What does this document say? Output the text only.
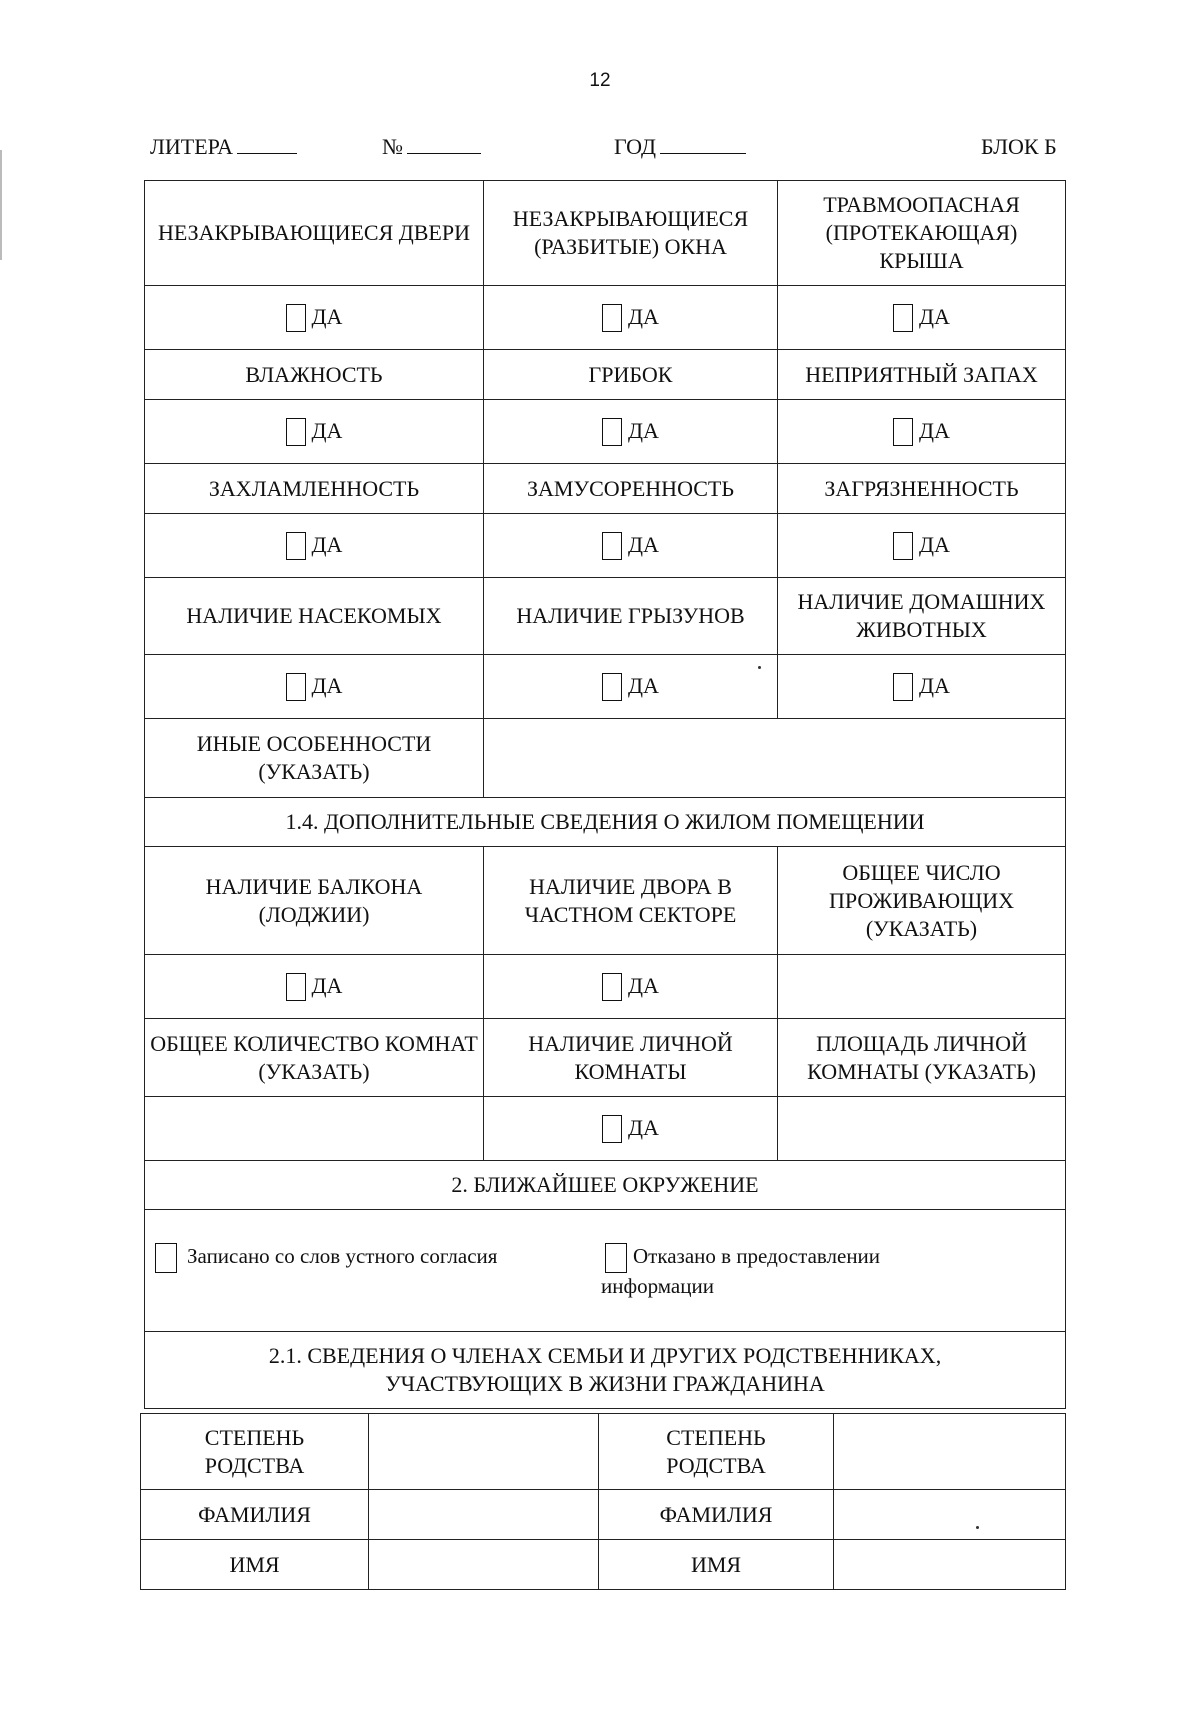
12
ЛИТЕРА	№	ГОД	БЛОК Б
НЕЗАКРЫВАЮЩИЕСЯ ДВЕРИ	НЕЗАКРЫВАЮЩИЕСЯ (РАЗБИТЫЕ) ОКНА	ТРАВМООПАСНАЯ (ПРОТЕКАЮЩАЯ) КРЫША
ДА	ДА	ДА
ВЛАЖНОСТЬ	ГРИБОК	НЕПРИЯТНЫЙ ЗАПАХ
ДА	ДА	ДА
ЗАХЛАМЛЕННОСТЬ	ЗАМУСОРЕННОСТЬ	ЗАГРЯЗНЕННОСТЬ
ДА	ДА	ДА
НАЛИЧИЕ НАСЕКОМЫХ	НАЛИЧИЕ ГРЫЗУНОВ	НАЛИЧИЕ ДОМАШНИХ ЖИВОТНЫХ
ДА	ДА	ДА
ИНЫЕ ОСОБЕННОСТИ (УКАЗАТЬ)		
1.4. ДОПОЛНИТЕЛЬНЫЕ СВЕДЕНИЯ О ЖИЛОМ ПОМЕЩЕНИИ		
НАЛИЧИЕ БАЛКОНА (ЛОДЖИИ)	НАЛИЧИЕ ДВОРА В ЧАСТНОМ СЕКТОРЕ	ОБЩЕЕ ЧИСЛО ПРОЖИВАЮЩИХ (УКАЗАТЬ)
ДА	ДА	
ОБЩЕЕ КОЛИЧЕСТВО КОМНАТ (УКАЗАТЬ)	НАЛИЧИЕ ЛИЧНОЙ КОМНАТЫ	ПЛОЩАДЬ ЛИЧНОЙ КОМНАТЫ (УКАЗАТЬ)
	ДА	
2. БЛИЖАЙШЕЕ ОКРУЖЕНИЕ		

Записано со слов устного согласия Отказано в предоставлении информации		

2.1. СВЕДЕНИЯ О ЧЛЕНАХ СЕМЬИ И ДРУГИХ РОДСТВЕННИКАХ, УЧАСТВУЮЩИХ В ЖИЗНИ ГРАЖДАНИНА		
СТЕПЕНЬ РОДСТВА		СТЕПЕНЬ РОДСТВА	
ФАМИЛИЯ		ФАМИЛИЯ	
ИМЯ		ИМЯ	
